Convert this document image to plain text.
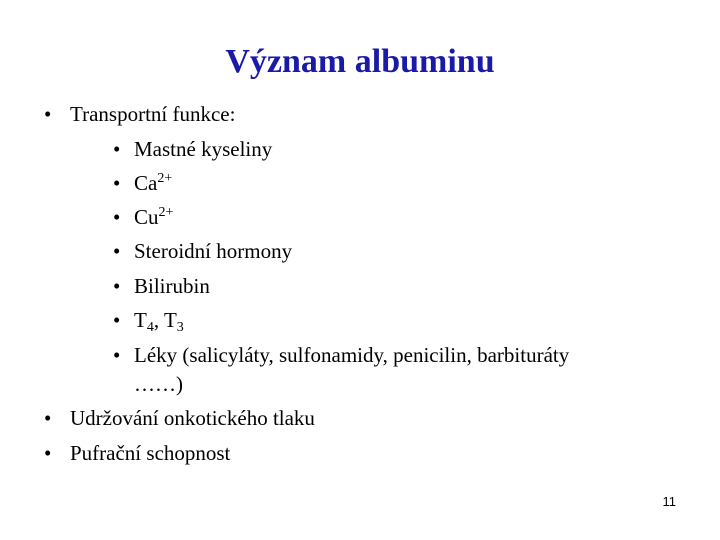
Význam albuminu
• Transportní funkce:
• Mastné kyseliny
• $Ca^{2+}$
• $Cu^{2+}$
• Steroidní hormony
• Bilirubin
• $T_4$, $T_3$
• Léky (salicyláty, sulfonamidy, penicilin, barbituráty
……)
• Udržování onkotického tlaku
• Pufrační schopnost
11
